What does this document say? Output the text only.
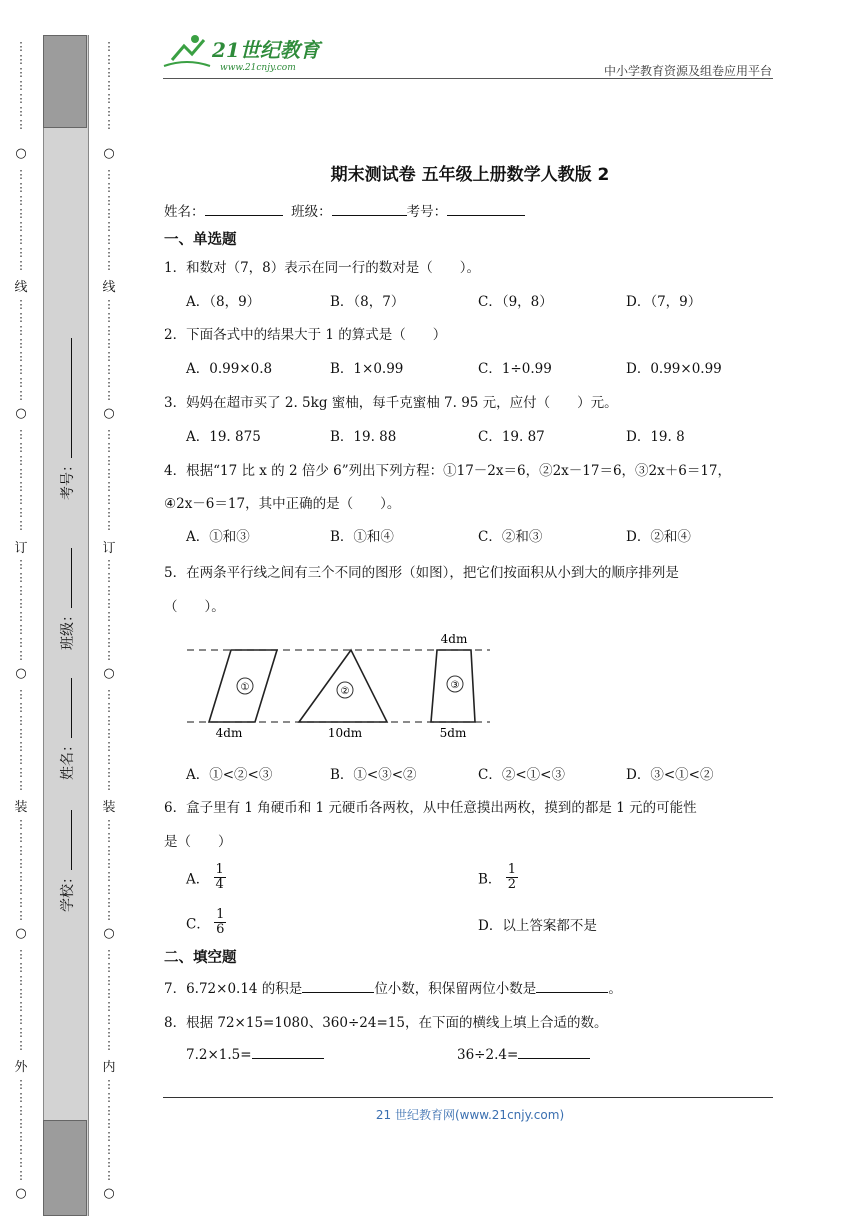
⋮
⋮
⋮
⋮
⋮
⋮
⋮
○
⋮
⋮
⋮
⋮
⋮
⋮
⋮
⋮
线
⋮
⋮
⋮
⋮
⋮
⋮
⋮
⋮
○
⋮
⋮
⋮
⋮
⋮
⋮
⋮
⋮
订
⋮
⋮
⋮
⋮
⋮
⋮
⋮
⋮
○
⋮
⋮
⋮
⋮
⋮
⋮
⋮
⋮
装
⋮
⋮
⋮
⋮
⋮
⋮
⋮
⋮
○
⋮
⋮
⋮
⋮
⋮
⋮
⋮
⋮
外
⋮
⋮
⋮
⋮
⋮
⋮
⋮
⋮
○
⋮
⋮
⋮
⋮
⋮
⋮
⋮
○
⋮
⋮
⋮
⋮
⋮
⋮
⋮
⋮
线
⋮
⋮
⋮
⋮
⋮
⋮
⋮
⋮
○
⋮
⋮
⋮
⋮
⋮
⋮
⋮
⋮
订
⋮
⋮
⋮
⋮
⋮
⋮
⋮
⋮
○
⋮
⋮
⋮
⋮
⋮
⋮
⋮
⋮
装
⋮
⋮
⋮
⋮
⋮
⋮
⋮
⋮
○
⋮
⋮
⋮
⋮
⋮
⋮
⋮
⋮
内
⋮
⋮
⋮
⋮
⋮
⋮
⋮
⋮
○
考号：
班级：
姓名：
学校：
21世纪教育
www.21cnjy.com	中小学教育资源及组卷应用平台
期末测试卷 五年级上册数学人教版 2
姓名：	班级：	考号：
一、单选题
1．和数对（7，8）表示在同一行的数对是（　　）。
A．（8，9）	B．（8，7）	C．（9，8）	D．（7，9）
2．下面各式中的结果大于 1 的算式是（　　）
A．0.99×0.8	B．1×0.99	C．1÷0.99	D．0.99×0.99
3．妈妈在超市买了 2. 5kg 蜜柚，每千克蜜柚 7. 95 元，应付（　　）元。
A．19. 875	B．19. 88	C．19. 87	D．19. 8
4．根据“17 比 x 的 2 倍少 6”列出下列方程：①17－2x＝6，②2x－17＝6，③2x＋6＝17，
④2x－6＝17，其中正确的是（　　）。
A．①和③	B．①和④	C．②和③	D．②和④
5．在两条平行线之间有三个不同的图形（如图），把它们按面积从小到大的顺序排列是
（　　）。
①
4dm
②
10dm
③
4dm
5dm
A．①<②<③	B．①<③<②	C．②<①<③	D．③<①<②
6．盒子里有 1 角硬币和 1 元硬币各两枚，从中任意摸出两枚，摸到的都是 1 元的可能性
是（　　）
A． $\frac{1}{4}$	B． $\frac{1}{2}$
C． $\frac{1}{6}$	D．以上答案都不是
二、填空题
7．6.72×0.14 的积是	位小数，积保留两位小数是	。
8．根据 72×15=1080、360÷24=15，在下面的横线上填上合适的数。
7.2×1.5=	36÷2.4=
21 世纪教育网(www.21cnjy.com)
